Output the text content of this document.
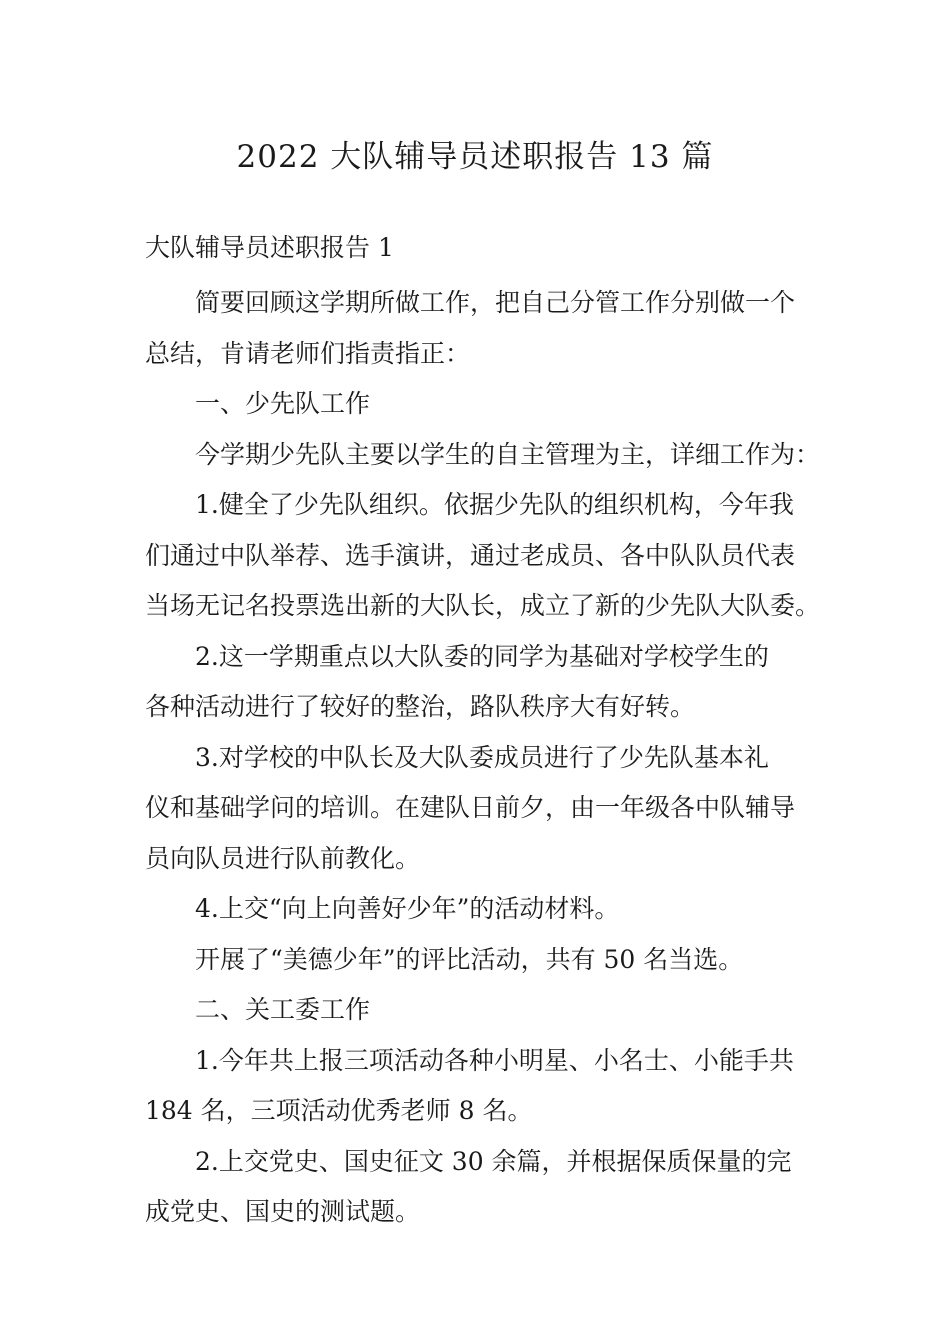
2022 大队辅导员述职报告 13 篇
大队辅导员述职报告 1

简要回顾这学期所做工作，把自己分管工作分别做一个
总结，肯请老师们指责指正：

一、少先队工作

今学期少先队主要以学生的自主管理为主，详细工作为：

1.健全了少先队组织。依据少先队的组织机构，今年我
们通过中队举荐、选手演讲，通过老成员、各中队队员代表
当场无记名投票选出新的大队长，成立了新的少先队大队委。

2.这一学期重点以大队委的同学为基础对学校学生的
各种活动进行了较好的整治，路队秩序大有好转。

3.对学校的中队长及大队委成员进行了少先队基本礼
仪和基础学问的培训。在建队日前夕，由一年级各中队辅导
员向队员进行队前教化。

4.上交“向上向善好少年”的活动材料。

开展了“美德少年”的评比活动，共有 50 名当选。

二、关工委工作

1.今年共上报三项活动各种小明星、小名士、小能手共
184 名，三项活动优秀老师 8 名。

2.上交党史、国史征文 30 余篇，并根据保质保量的完
成党史、国史的测试题。
